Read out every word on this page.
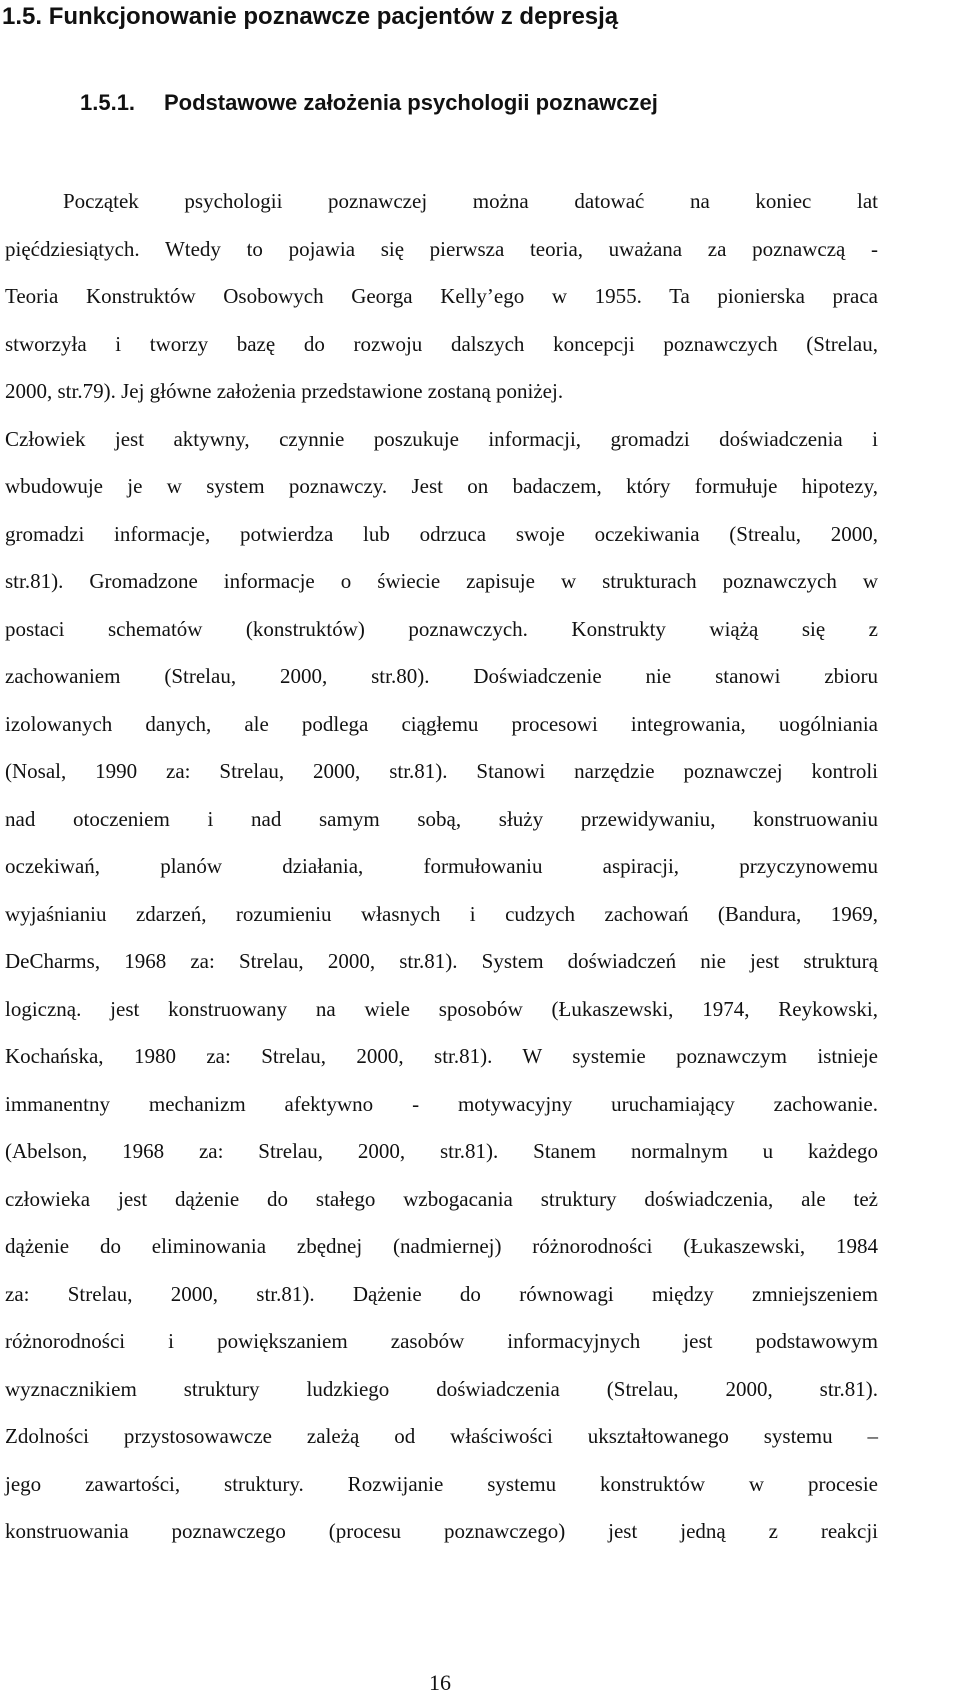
1.5. Funkcjonowanie poznawcze pacjentów z depresją
1.5.1. Podstawowe założenia psychologii poznawczej
Początek psychologii poznawczej można datować na koniec lat
pięćdziesiątych. Wtedy to pojawia się pierwsza teoria, uważana za poznawczą -
Teoria Konstruktów Osobowych Georga Kelly’ego w 1955. Ta pionierska praca
stworzyła i tworzy bazę do rozwoju dalszych koncepcji poznawczych (Strelau,
2000, str.79). Jej główne założenia przedstawione zostaną poniżej.
Człowiek jest aktywny, czynnie poszukuje informacji, gromadzi doświadczenia i
wbudowuje je w system poznawczy. Jest on badaczem, który formułuje hipotezy,
gromadzi informacje, potwierdza lub odrzuca swoje oczekiwania (Strealu, 2000,
str.81). Gromadzone informacje o świecie zapisuje w strukturach poznawczych w
postaci schematów (konstruktów) poznawczych. Konstrukty wiążą się z
zachowaniem (Strelau, 2000, str.80). Doświadczenie nie stanowi zbioru
izolowanych danych, ale podlega ciągłemu procesowi integrowania, uogólniania
(Nosal, 1990 za: Strelau, 2000, str.81). Stanowi narzędzie poznawczej kontroli
nad otoczeniem i nad samym sobą, służy przewidywaniu, konstruowaniu
oczekiwań, planów działania, formułowaniu aspiracji, przyczynowemu
wyjaśnianiu zdarzeń, rozumieniu własnych i cudzych zachowań (Bandura, 1969,
DeCharms, 1968 za: Strelau, 2000, str.81). System doświadczeń nie jest strukturą
logiczną. jest konstruowany na wiele sposobów (Łukaszewski, 1974, Reykowski,
Kochańska, 1980 za: Strelau, 2000, str.81). W systemie poznawczym istnieje
immanentny mechanizm afektywno - motywacyjny uruchamiający zachowanie.
(Abelson, 1968 za: Strelau, 2000, str.81). Stanem normalnym u każdego
człowieka jest dążenie do stałego wzbogacania struktury doświadczenia, ale też
dążenie do eliminowania zbędnej (nadmiernej) różnorodności (Łukaszewski, 1984
za: Strelau, 2000, str.81). Dążenie do równowagi między zmniejszeniem
różnorodności i powiększaniem zasobów informacyjnych jest podstawowym
wyznacznikiem struktury ludzkiego doświadczenia (Strelau, 2000, str.81).
Zdolności przystosowawcze zależą od właściwości ukształtowanego systemu –
jego zawartości, struktury. Rozwijanie systemu konstruktów w procesie
konstruowania poznawczego (procesu poznawczego) jest jedną z reakcji
16
